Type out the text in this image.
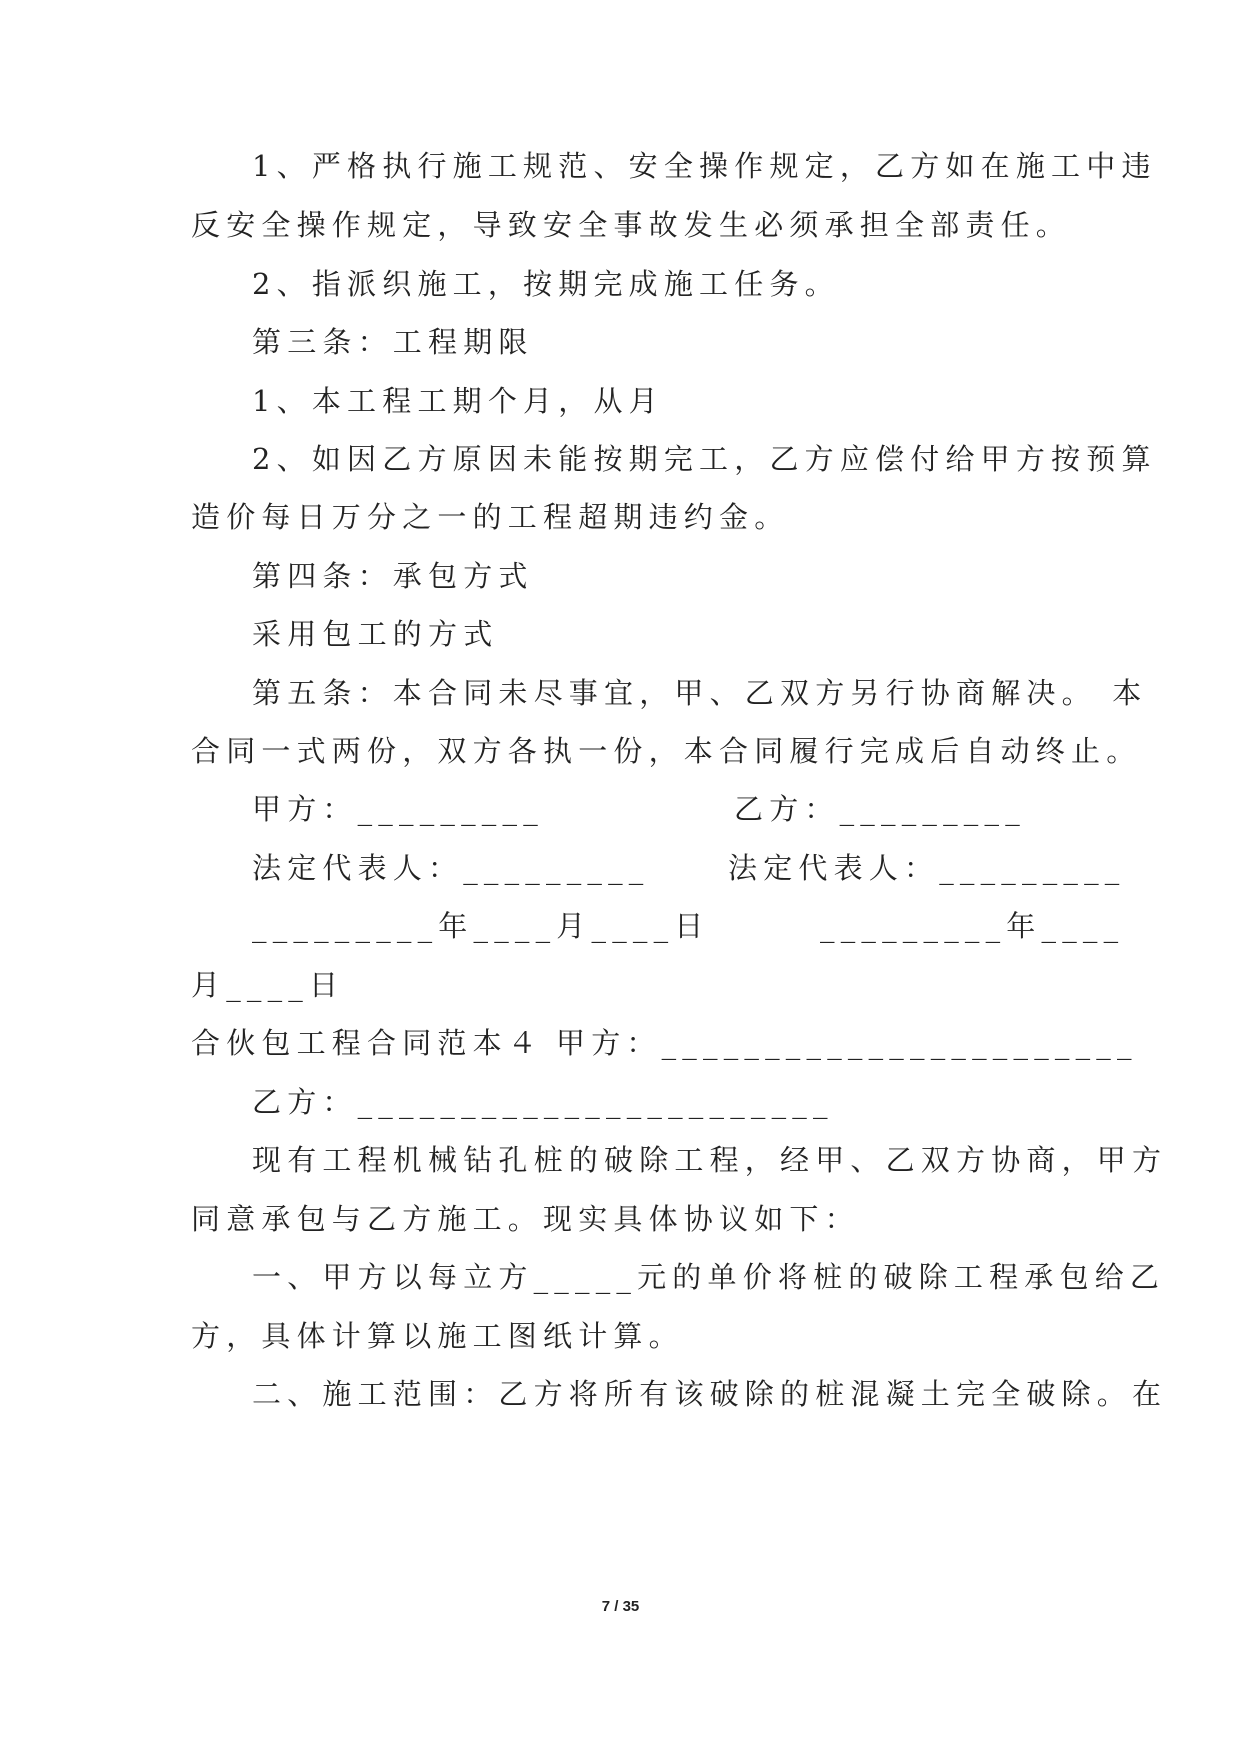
1、严格执行施工规范、安全操作规定，乙方如在施工中违
反安全操作规定，导致安全事故发生必须承担全部责任。
2、指派织施工，按期完成施工任务。
第三条：工程期限
1、本工程工期个月，从月
2、如因乙方原因未能按期完工，乙方应偿付给甲方按预算
造价每日万分之一的工程超期违约金。
第四条：承包方式
采用包工的方式
第五条：本合同未尽事宜，甲、乙双方另行协商解决。 本
合同一式两份，双方各执一份，本合同履行完成后自动终止。
甲方：_________	乙方：_________
法定代表人：_________	法定代表人：_________
_________年____月____日	_________年____
月____日
合伙包工程合同范本４ 甲方：_______________________
乙方：_______________________
现有工程机械钻孔桩的破除工程，经甲、乙双方协商，甲方
同意承包与乙方施工。现实具体协议如下：
一、甲方以每立方_____元的单价将桩的破除工程承包给乙
方，具体计算以施工图纸计算。
二、施工范围：乙方将所有该破除的桩混凝土完全破除。在
7 / 35
